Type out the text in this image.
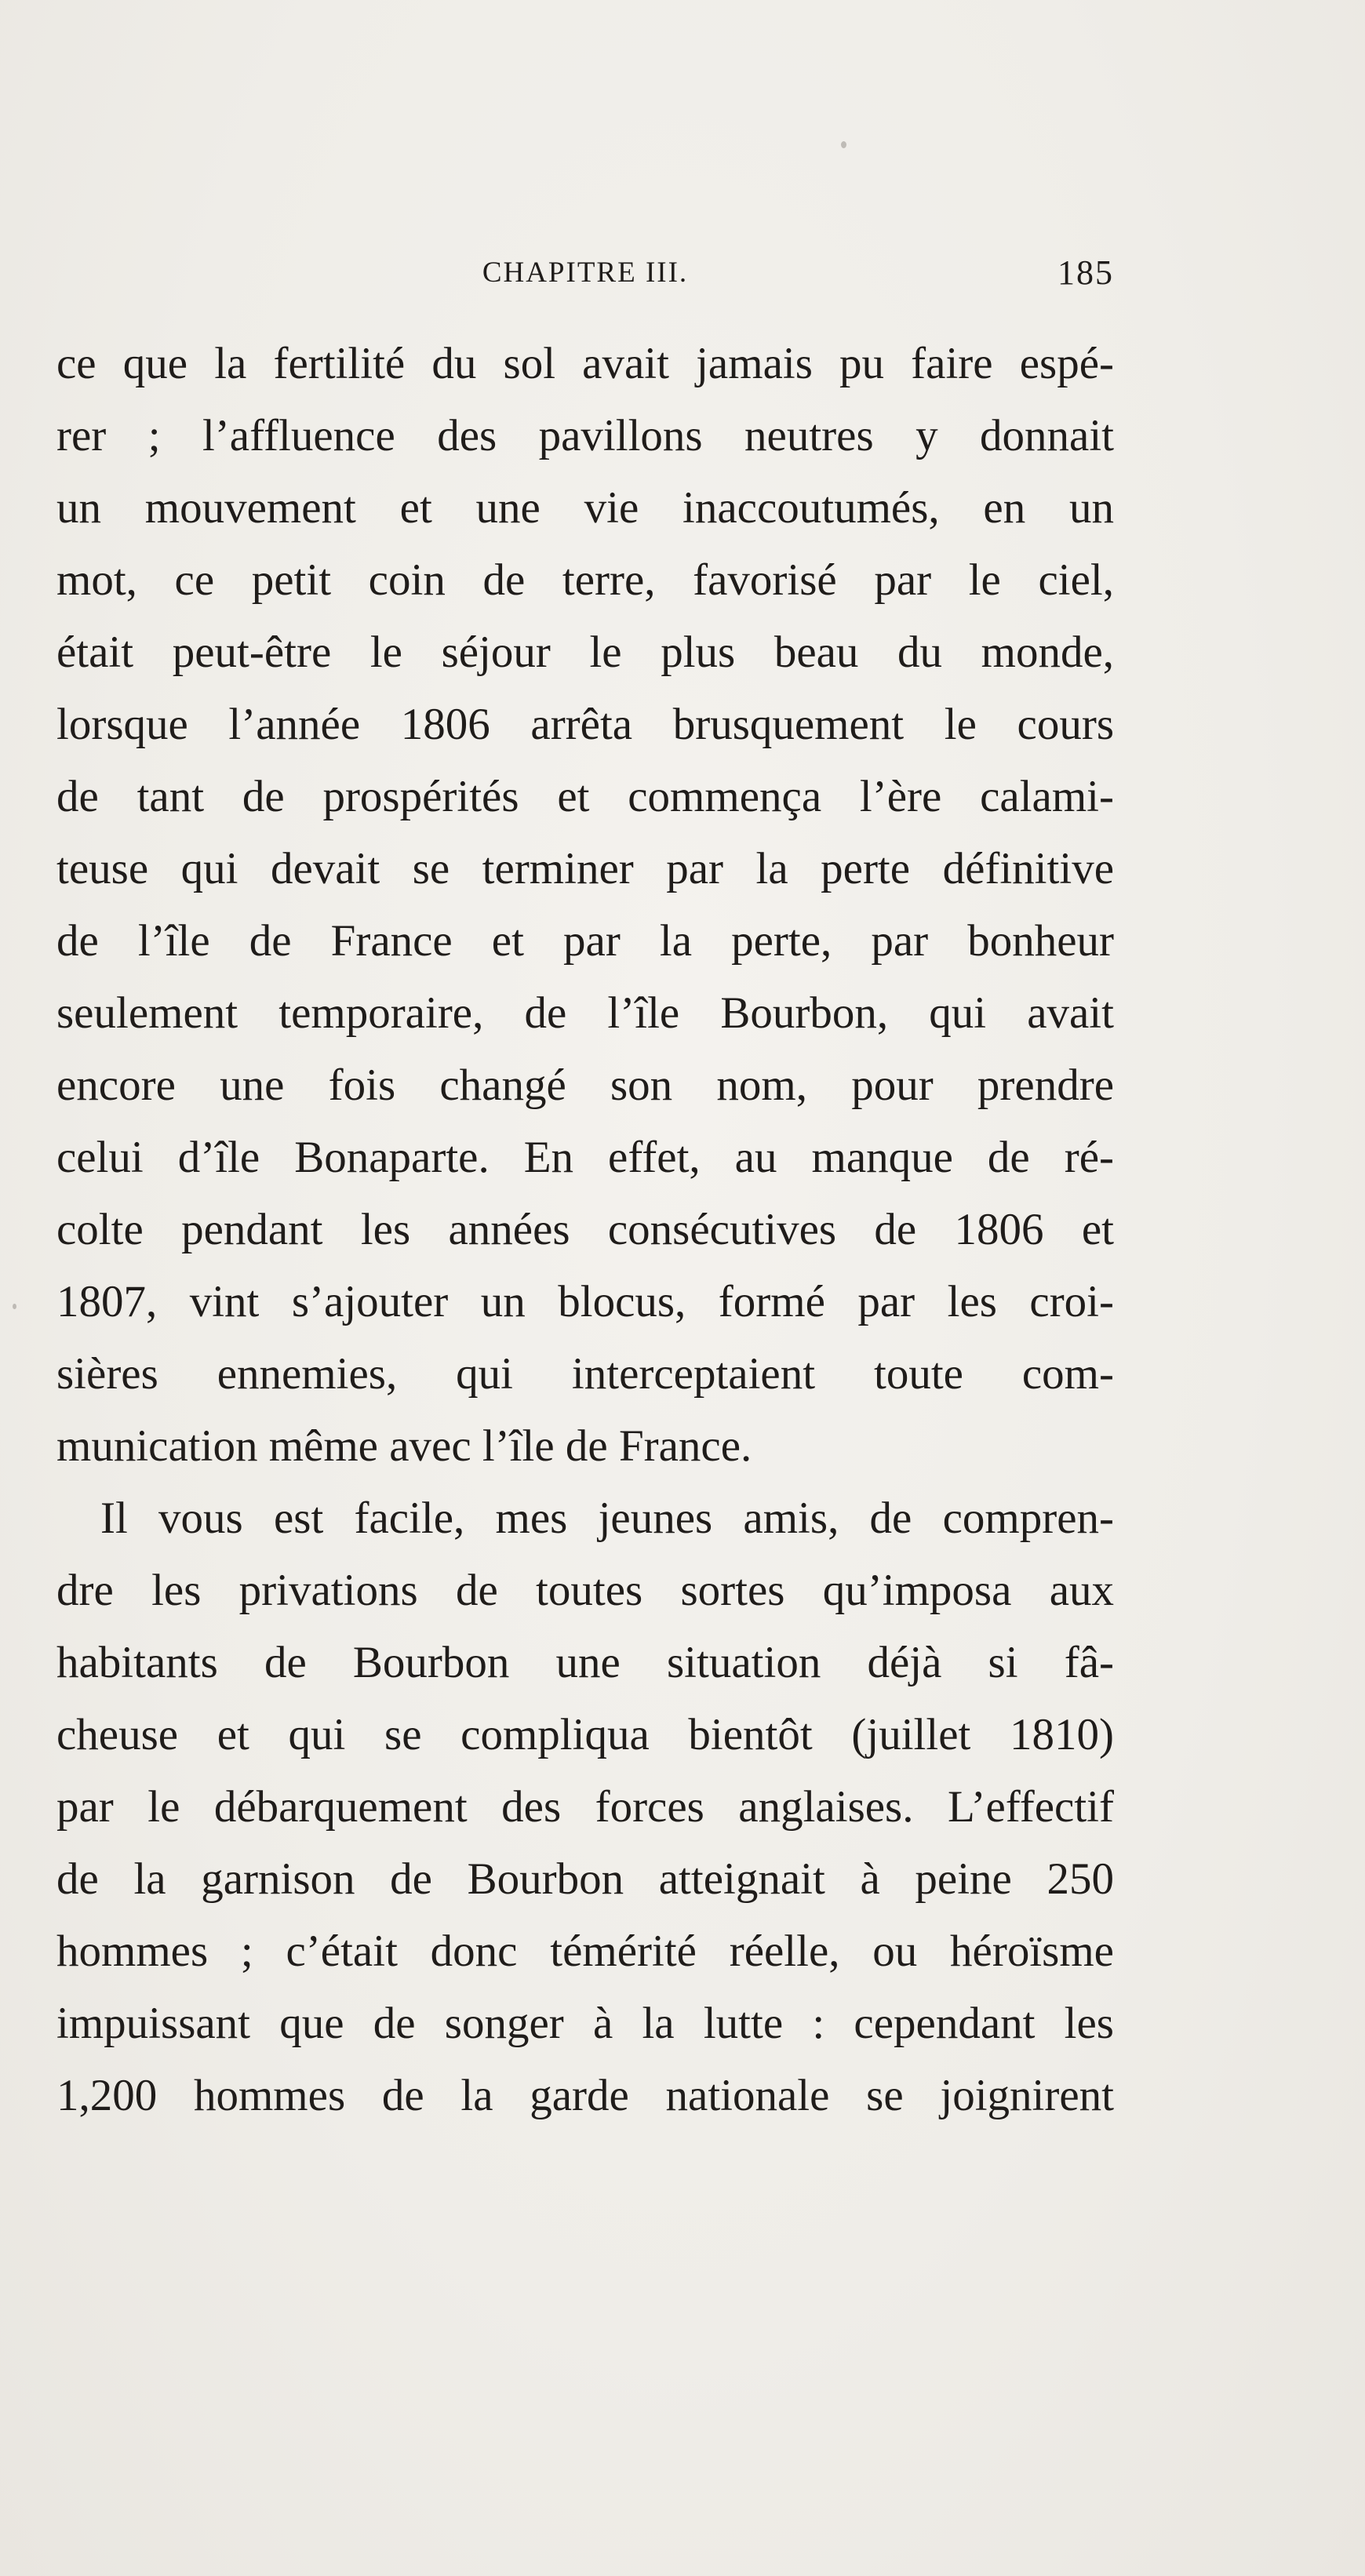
CHAPITRE III.	185
ce que la fertilité du sol avait jamais pu faire espé-
rer ; l’affluence des pavillons neutres y donnait
un mouvement et une vie inaccoutumés, en un
mot, ce petit coin de terre, favorisé par le ciel,
était peut-être le séjour le plus beau du monde,
lorsque l’année 1806 arrêta brusquement le cours
de tant de prospérités et commença l’ère calami-
teuse qui devait se terminer par la perte définitive
de l’île de France et par la perte, par bonheur
seulement temporaire, de l’île Bourbon, qui avait
encore une fois changé son nom, pour prendre
celui d’île Bonaparte. En effet, au manque de ré-
colte pendant les années consécutives de 1806 et
1807, vint s’ajouter un blocus, formé par les croi-
sières ennemies, qui interceptaient toute com-
munication même avec l’île de France.
Il vous est facile, mes jeunes amis, de compren-
dre les privations de toutes sortes qu’imposa aux
habitants de Bourbon une situation déjà si fâ-
cheuse et qui se compliqua bientôt (juillet 1810)
par le débarquement des forces anglaises. L’effectif
de la garnison de Bourbon atteignait à peine 250
hommes ; c’était donc témérité réelle, ou héroïsme
impuissant que de songer à la lutte : cependant les
1,200 hommes de la garde nationale se joignirent
